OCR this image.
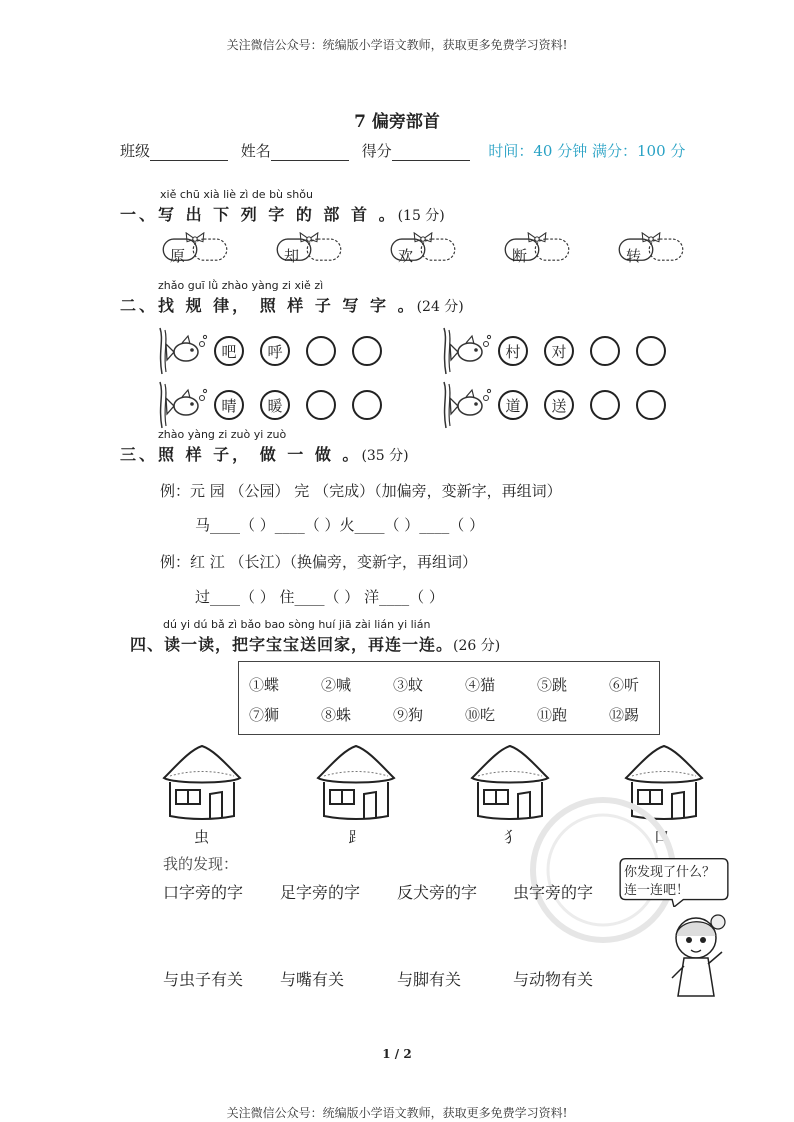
关注微信公众号：统编版小学语文教师，获取更多免费学习资料!
7 偏旁部首
班级	姓名	得分	时间：40 分钟 满分：100 分
xiě chū xià liè zì de bù shǒu
一、写 出 下 列 字 的 部 首 。(15 分)
原	却	欢	断	转
zhǎo guī lǜ zhào yàng zi xiě zì
二、找 规 律， 照 样 子 写 字 。(24 分)
吧	呼
晴	暖
村	对
道	送
zhào yàng zi zuò yi zuò
三、照 样 子， 做 一 做 。(35 分)
例：元 园 （公园） 完 （完成）（加偏旁，变新字，再组词）
马____（ ）____（ ）火____（ ）____（ ）
例：红 江 （长江）（换偏旁，变新字，再组词）
过____（ ） 住____（ ） 洋____（ ）
dú yi dú bǎ zì bǎo bao sòng huí jiā zài lián yi lián
四、读一读，把字宝宝送回家，再连一连。(26 分)
①蝶	②喊	③蚊	④猫	⑤跳	⑥听
⑦狮	⑧蛛	⑨狗	⑩吃	⑪跑	⑫踢
虫	⻊	犭	口
我的发现：
口字旁的字 足字旁的字 反犬旁的字 虫字旁的字
与虫子有关 与嘴有关	与脚有关	与动物有关
你发现了什么？
连一连吧！
1 / 2
关注微信公众号：统编版小学语文教师，获取更多免费学习资料!
